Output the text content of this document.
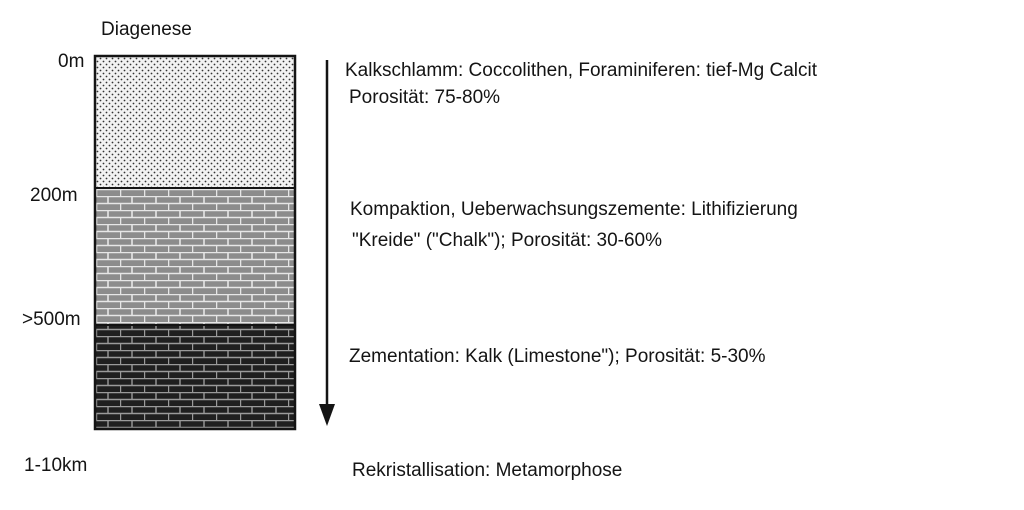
Diagenese
0m
200m
>500m
1-10km
Kalkschlamm: Coccolithen, Foraminiferen: tief-Mg Calcit
Porosität: 75-80%
Kompaktion, Ueberwachsungszemente: Lithifizierung
"Kreide" ("Chalk"); Porosität: 30-60%
Zementation: Kalk (Limestone"); Porosität: 5-30%
Rekristallisation: Metamorphose
